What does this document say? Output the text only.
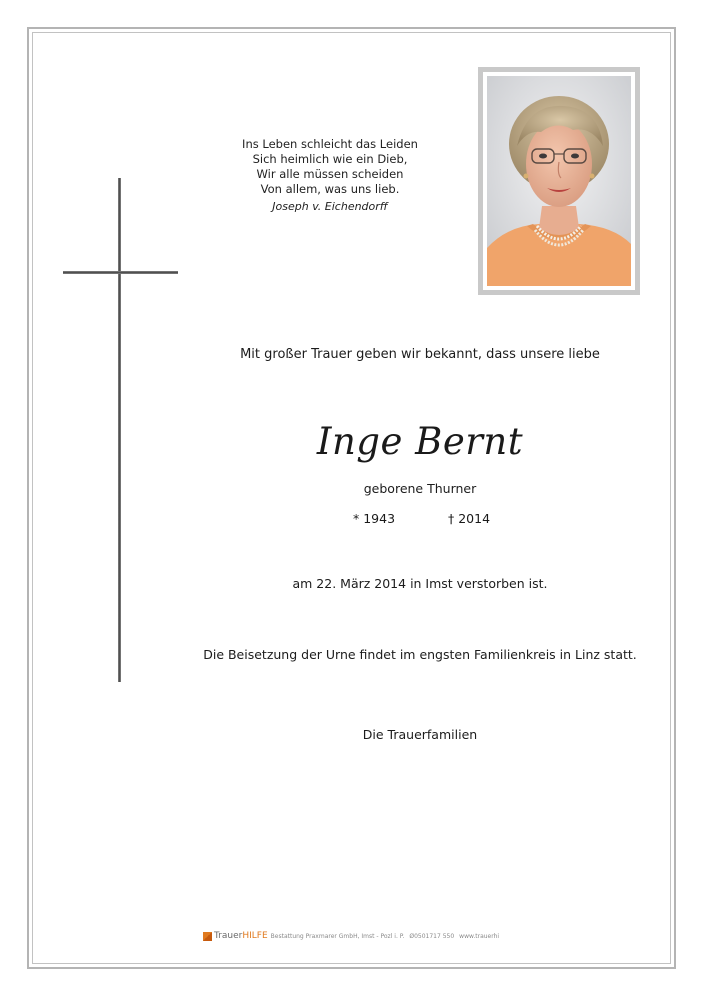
Ins Leben schleicht das Leiden
Sich heimlich wie ein Dieb,
Wir alle müssen scheiden
Von allem, was uns lieb.
Joseph v. Eichendorff
Mit großer Trauer geben wir bekannt, dass unsere liebe
Inge Bernt
geborene Thurner
* 1943	† 2014
am 22. März 2014 in Imst verstorben ist.
Die Beisetzung der Urne findet im engsten Familienkreis in Linz statt.
Die Trauerfamilien
TrauerHILFE Bestattung Praxmarer GmbH, Imst - Pozl i. P. Ø0501717 550 www.trauerhi
